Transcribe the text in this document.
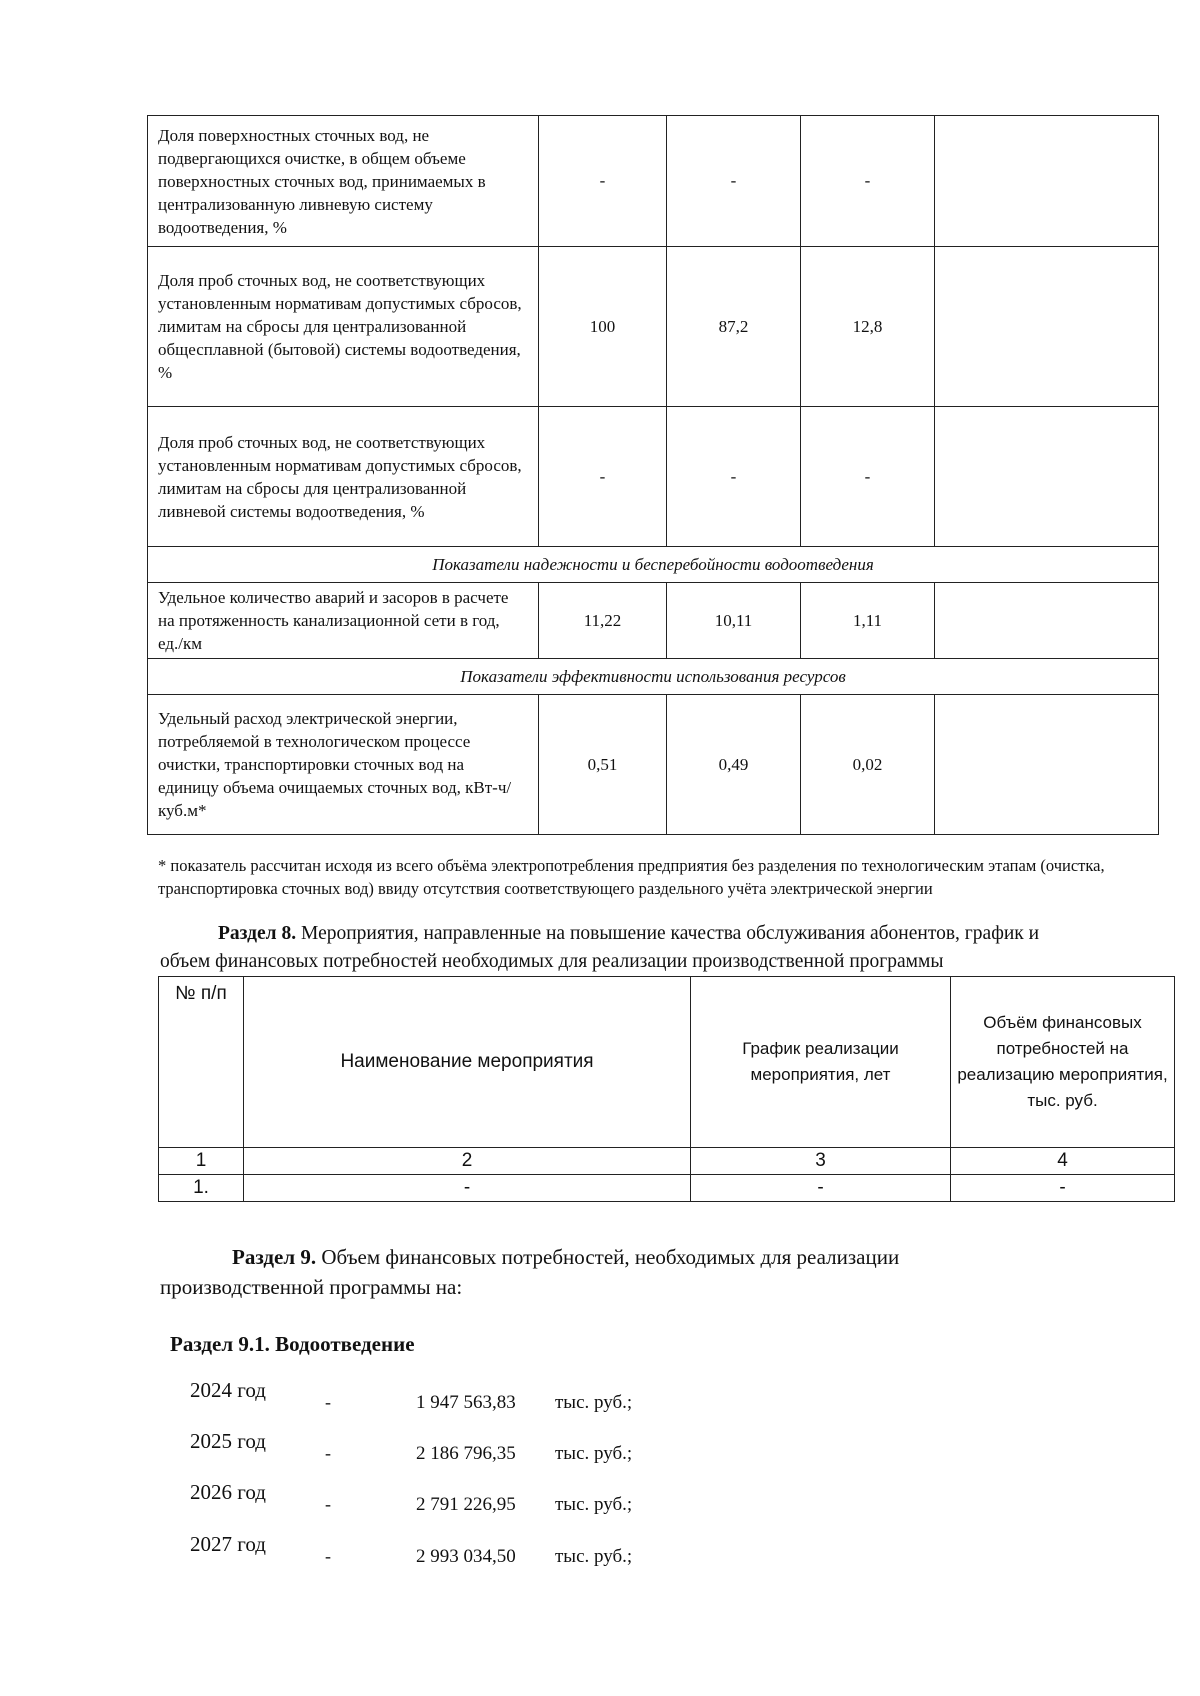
Доля поверхностных сточных вод, не подвергающихся очистке, в общем объеме поверхностных сточных вод, принимаемых в централизованную ливневую систему водоотведения, %	-	-	-	
Доля проб сточных вод, не соответствующих установленным нормативам допустимых сбросов, лимитам на сбросы для централизованной общесплавной (бытовой) системы водоотведения, %	100	87,2	12,8	
Доля проб сточных вод, не соответствующих установленным нормативам допустимых сбросов, лимитам на сбросы для централизованной ливневой системы водоотведения, %	-	-	-	
Показатели надежности и бесперебойности водоотведения				
Удельное количество аварий и засоров в расчете на протяженность канализационной сети в год, ед./км	11,22	10,11	1,11	
Показатели эффективности использования ресурсов				
Удельный расход электрической энергии, потребляемой в технологическом процессе очистки, транспортировки сточных вод на единицу объема очищаемых сточных вод, кВт-ч/куб.м*	0,51	0,49	0,02	
* показатель рассчитан исходя из всего объёма электропотребления предприятия без разделения по технологическим этапам (очистка, транспортировка сточных вод) ввиду отсутствия соответствующего раздельного учёта электрической энергии
Раздел 8. Мероприятия, направленные на повышение качества обслуживания абонентов, график и
объем финансовых потребностей необходимых для реализации производственной программы
№ п/п	Наименование мероприятия	График реализации мероприятия, лет	Объём финансовых потребностей на реализацию мероприятия, тыс. руб.
1	2	3	4
1.	-	-	-
Раздел 9. Объем финансовых потребностей, необходимых для реализации
производственной программы на:
Раздел 9.1. Водоотведение
2024 год	-	1 947 563,83 тыс. руб.;
2025 год	-	2 186 796,35 тыс. руб.;
2026 год	-	2 791 226,95 тыс. руб.;
2027 год	-	2 993 034,50 тыс. руб.;
